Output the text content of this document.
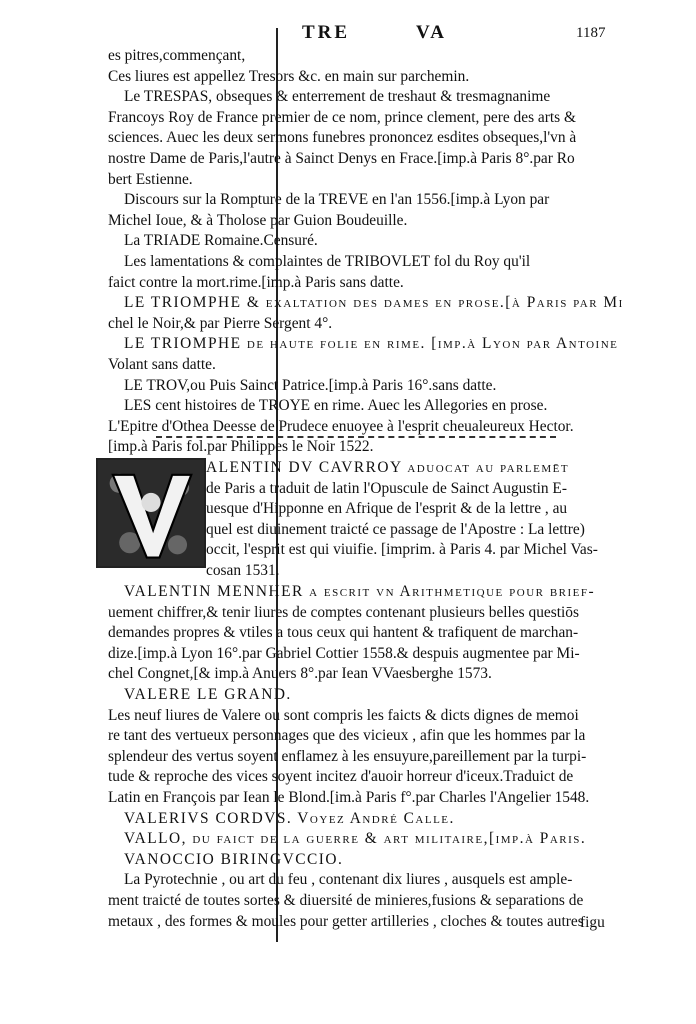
TRE	VA	1187
es pitres,commençant,
Ces liures est appellez Tresors &c. en main sur parchemin.
Le TRESPAS, obseques & enterrement de treshaut & tresmagnanime
Francoys Roy de France premier de ce nom, prince clement, pere des arts &
sciences. Auec les deux sermons funebres prononcez esdites obseques,l'vn à
nostre Dame de Paris,l'autre à Sainct Denys en Frace.[imp.à Paris 8°.par Ro
bert Estienne.
Discours sur la Rompture de la TREVE en l'an 1556.[imp.à Lyon par
Michel Ioue, & à Tholose par Guion Boudeuille.
La TRIADE Romaine.Censuré.
Les lamentations & complaintes de TRIBOVLET fol du Roy qu'il
faict contre la mort.rime.[imp.à Paris sans datte.
LE TRIOMPHE & exaltation des dames en prose.[à Paris par Mi
chel le Noir,& par Pierre Sergent 4°.
LE TRIOMPHE de haute folie en rime. [imp.à Lyon par Antoine
Volant sans datte.
LE TROV,ou Puis Sainct Patrice.[imp.à Paris 16°.sans datte.
LES cent histoires de TROYE en rime. Auec les Allegories en prose.
L'Epitre d'Othea Deesse de Prudece enuoyee à l'esprit cheualeureux Hector.
[imp.à Paris fol.par Philippes le Noir 1522.
ALENTIN DV CAVRROY aduocat au parlemēt
de Paris a traduit de latin l'Opuscule de Sainct Augustin E-
uesque d'Hipponne en Afrique de l'esprit & de la lettre , au
quel est diuinement traicté ce passage de l'Apostre : La lettre)
occit, l'esprit est qui viuifie. [imprim. à Paris 4. par Michel Vas-
cosan 1531.
VALENTIN MENNHER a escrit vn Arithmetique pour brief-
uement chiffrer,& tenir liures de comptes contenant plusieurs belles questiōs
demandes propres & vtiles a tous ceux qui hantent & trafiquent de marchan-
dize.[imp.à Lyon 16°.par Gabriel Cottier 1558.& despuis augmentee par Mi-
chel Congnet,[& imp.à Anuers 8°.par Iean VVaesberghe 1573.
VALERE LE GRAND.
Les neuf liures de Valere ou sont compris les faicts & dicts dignes de memoi
re tant des vertueux personnages que des vicieux , afin que les hommes par la
splendeur des vertus soyent enflamez à les ensuyure,pareillement par la turpi-
tude & reproche des vices soyent incitez d'auoir horreur d'iceux.Traduict de
Latin en François par Iean le Blond.[im.à Paris f°.par Charles l'Angelier 1548.
VALERIVS CORDVS. Voyez André Calle.
VALLO, du faict de la guerre & art militaire,[imp.à Paris.
VANOCCIO BIRINGVCCIO.
La Pyrotechnie , ou art du feu , contenant dix liures , ausquels est ample-
ment traicté de toutes sortes & diuersité de minieres,fusions & separations de
metaux , des formes & moules pour getter artilleries , cloches & toutes autres
figu
